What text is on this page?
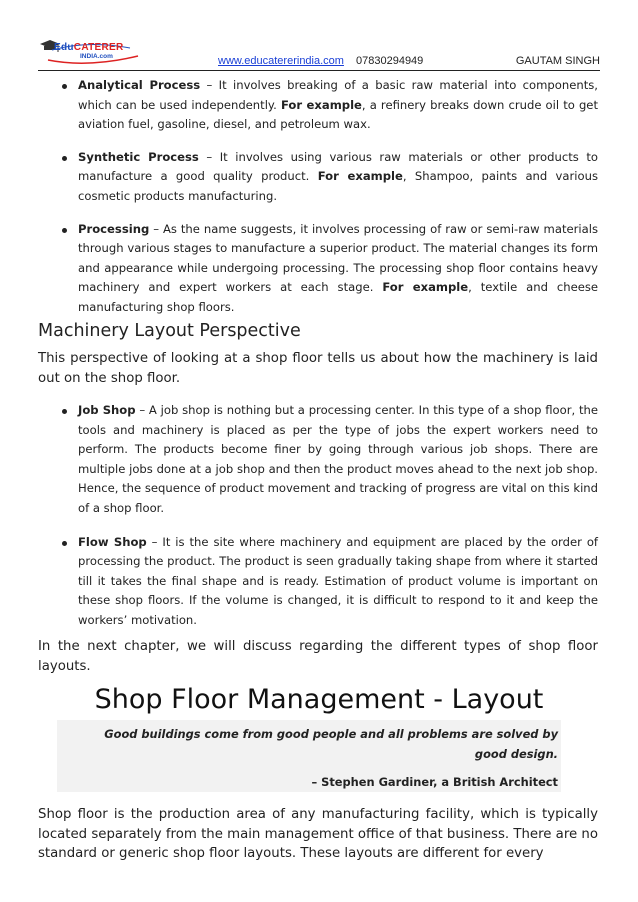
EduCATERER
INDIA.com	www.educatererindia.com 07830294949	GAUTAM SINGH
Analytical Process – It involves breaking of a basic raw material into components, which can be used independently. For example, a refinery breaks down crude oil to get aviation fuel, gasoline, diesel, and petroleum wax.
Synthetic Process – It involves using various raw materials or other products to manufacture a good quality product. For example, Shampoo, paints and various cosmetic products manufacturing.
Processing – As the name suggests, it involves processing of raw or semi-raw materials through various stages to manufacture a superior product. The material changes its form and appearance while undergoing processing. The processing shop floor contains heavy machinery and expert workers at each stage. For example, textile and cheese manufacturing shop floors.
Machinery Layout Perspective
This perspective of looking at a shop floor tells us about how the machinery is laid out on the shop floor.
Job Shop – A job shop is nothing but a processing center. In this type of a shop floor, the tools and machinery is placed as per the type of jobs the expert workers need to perform. The products become finer by going through various job shops. There are multiple jobs done at a job shop and then the product moves ahead to the next job shop. Hence, the sequence of product movement and tracking of progress are vital on this kind of a shop floor.
Flow Shop – It is the site where machinery and equipment are placed by the order of processing the product. The product is seen gradually taking shape from where it started till it takes the final shape and is ready. Estimation of product volume is important on these shop floors. If the volume is changed, it is difficult to respond to it and keep the workers’ motivation.
In the next chapter, we will discuss regarding the different types of shop floor layouts.
Shop Floor Management - Layout
Good buildings come from good people and all problems are solved by good design.
– Stephen Gardiner, a British Architect
Shop floor is the production area of any manufacturing facility, which is typically located separately from the main management office of that business. There are no standard or generic shop floor layouts. These layouts are different for every
